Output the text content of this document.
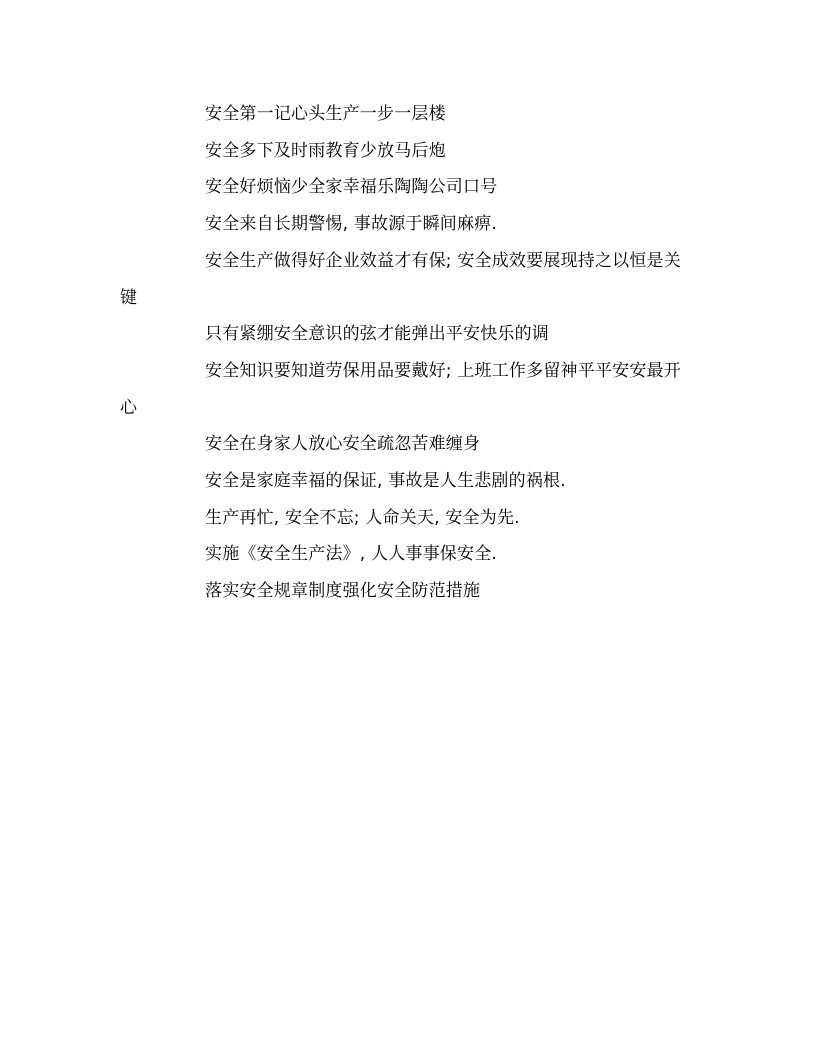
安全第一记心头生产一步一层楼

安全多下及时雨教育少放马后炮

安全好烦恼少全家幸福乐陶陶公司口号

安全来自长期警惕, 事故源于瞬间麻痹.

安全生产做得好企业效益才有保; 安全成效要展现持之以恒是关键

只有紧绷安全意识的弦才能弹出平安快乐的调

安全知识要知道劳保用品要戴好; 上班工作多留神平平安安最开心

安全在身家人放心安全疏忽苦难缠身

安全是家庭幸福的保证, 事故是人生悲剧的祸根.

生产再忙, 安全不忘; 人命关天, 安全为先.

实施《安全生产法》, 人人事事保安全.

落实安全规章制度强化安全防范措施
